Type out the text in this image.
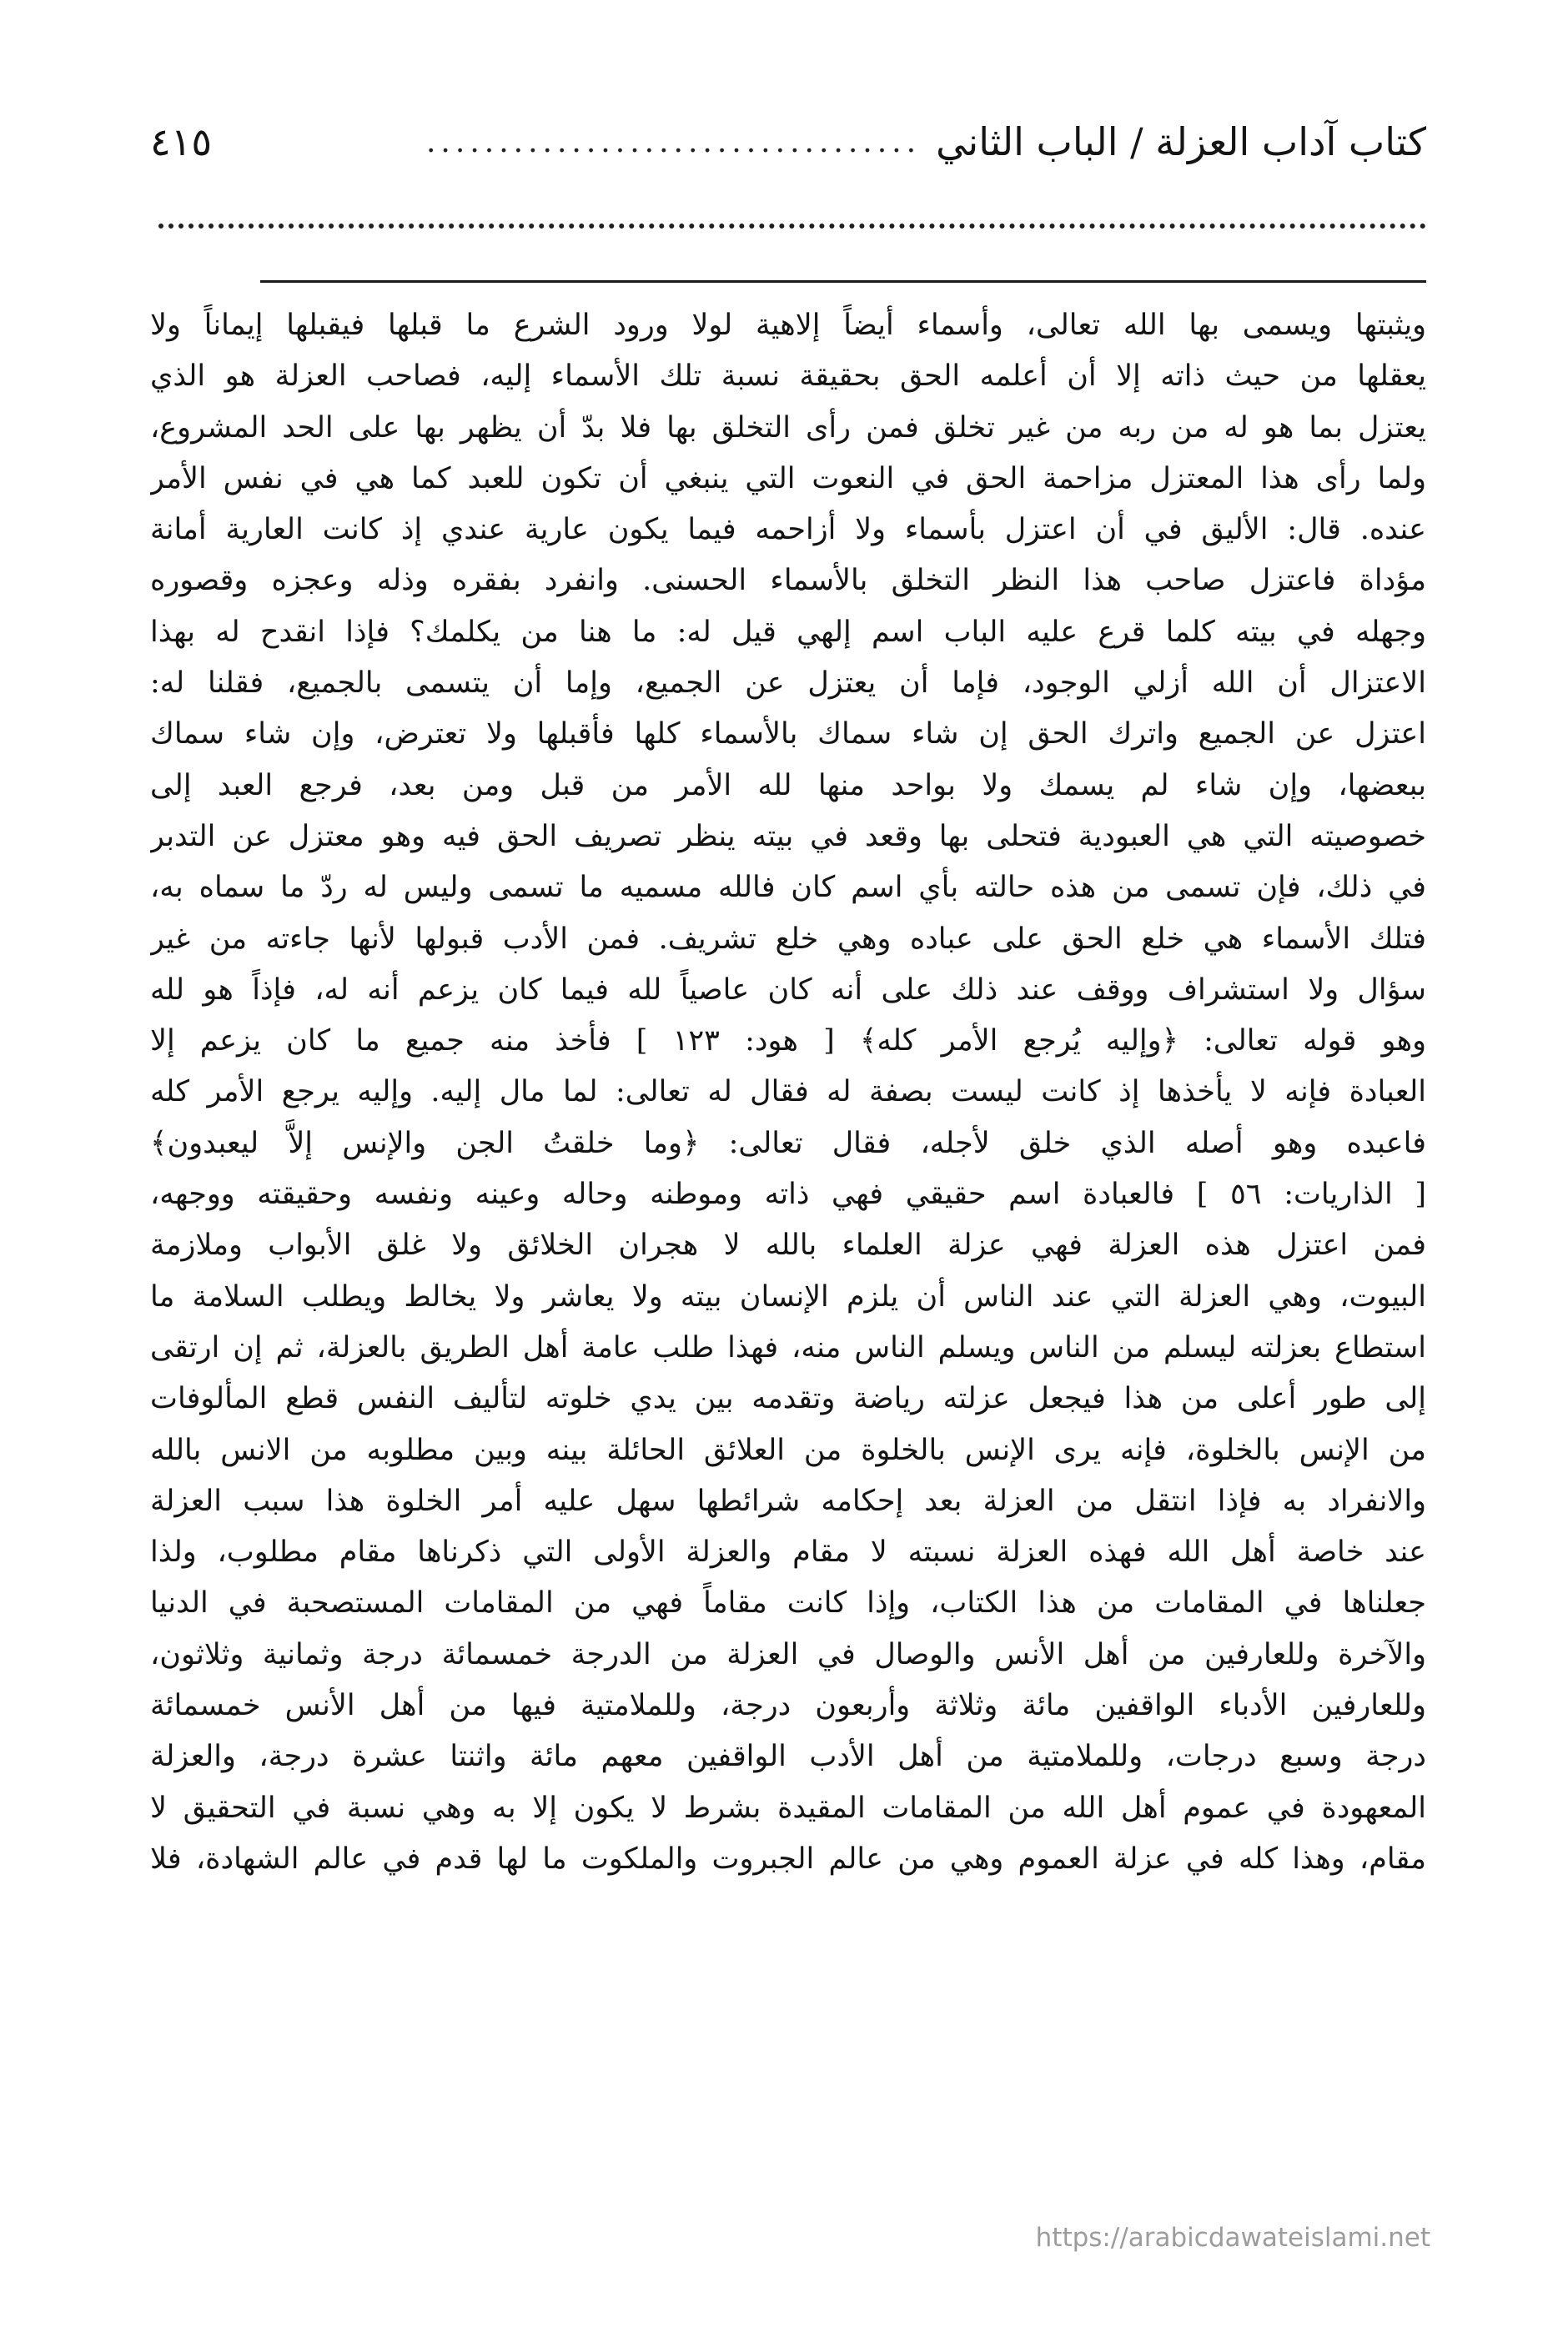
كتاب آداب العزلة / الباب الثاني
..................................
٤١٥
ويثبتها ويسمى بها الله تعالى، وأسماء أيضاً إلاهية لولا ورود الشرع ما قبلها فيقبلها إيماناً ولا
يعقلها من حيث ذاته إلا أن أعلمه الحق بحقيقة نسبة تلك الأسماء إليه، فصاحب العزلة هو الذي
يعتزل بما هو له من ربه من غير تخلق فمن رأى التخلق بها فلا بدّ أن يظهر بها على الحد المشروع،
ولما رأى هذا المعتزل مزاحمة الحق في النعوت التي ينبغي أن تكون للعبد كما هي في نفس الأمر
عنده. قال: الأليق في أن اعتزل بأسماء ولا أزاحمه فيما يكون عارية عندي إذ كانت العارية أمانة
مؤداة فاعتزل صاحب هذا النظر التخلق بالأسماء الحسنى. وانفرد بفقره وذله وعجزه وقصوره
وجهله في بيته كلما قرع عليه الباب اسم إلهي قيل له: ما هنا من يكلمك؟ فإذا انقدح له بهذا
الاعتزال أن الله أزلي الوجود، فإما أن يعتزل عن الجميع، وإما أن يتسمى بالجميع، فقلنا له:
اعتزل عن الجميع واترك الحق إن شاء سماك بالأسماء كلها فأقبلها ولا تعترض، وإن شاء سماك
ببعضها، وإن شاء لم يسمك ولا بواحد منها لله الأمر من قبل ومن بعد، فرجع العبد إلى
خصوصيته التي هي العبودية فتحلى بها وقعد في بيته ينظر تصريف الحق فيه وهو معتزل عن التدبر
في ذلك، فإن تسمى من هذه حالته بأي اسم كان فالله مسميه ما تسمى وليس له ردّ ما سماه به،
فتلك الأسماء هي خلع الحق على عباده وهي خلع تشريف. فمن الأدب قبولها لأنها جاءته من غير
سؤال ولا استشراف ووقف عند ذلك على أنه كان عاصياً لله فيما كان يزعم أنه له، فإذاً هو لله
وهو قوله تعالى: ﴿وإليه يُرجع الأمر كله﴾ [ هود: ١٢٣ ] فأخذ منه جميع ما كان يزعم إلا
العبادة فإنه لا يأخذها إذ كانت ليست بصفة له فقال له تعالى: لما مال إليه. وإليه يرجع الأمر كله
فاعبده وهو أصله الذي خلق لأجله، فقال تعالى: ﴿وما خلقتُ الجن والإنس إلاَّ ليعبدون﴾
[ الذاريات: ٥٦ ] فالعبادة اسم حقيقي فهي ذاته وموطنه وحاله وعينه ونفسه وحقيقته ووجهه،
فمن اعتزل هذه العزلة فهي عزلة العلماء بالله لا هجران الخلائق ولا غلق الأبواب وملازمة
البيوت، وهي العزلة التي عند الناس أن يلزم الإنسان بيته ولا يعاشر ولا يخالط ويطلب السلامة ما
استطاع بعزلته ليسلم من الناس ويسلم الناس منه، فهذا طلب عامة أهل الطريق بالعزلة، ثم إن ارتقى
إلى طور أعلى من هذا فيجعل عزلته رياضة وتقدمه بين يدي خلوته لتأليف النفس قطع المألوفات
من الإنس بالخلوة، فإنه يرى الإنس بالخلوة من العلائق الحائلة بينه وبين مطلوبه من الانس بالله
والانفراد به فإذا انتقل من العزلة بعد إحكامه شرائطها سهل عليه أمر الخلوة هذا سبب العزلة
عند خاصة أهل الله فهذه العزلة نسبته لا مقام والعزلة الأولى التي ذكرناها مقام مطلوب، ولذا
جعلناها في المقامات من هذا الكتاب، وإذا كانت مقاماً فهي من المقامات المستصحبة في الدنيا
والآخرة وللعارفين من أهل الأنس والوصال في العزلة من الدرجة خمسمائة درجة وثمانية وثلاثون،
وللعارفين الأدباء الواقفين مائة وثلاثة وأربعون درجة، وللملامتية فيها من أهل الأنس خمسمائة
درجة وسبع درجات، وللملامتية من أهل الأدب الواقفين معهم مائة واثنتا عشرة درجة، والعزلة
المعهودة في عموم أهل الله من المقامات المقيدة بشرط لا يكون إلا به وهي نسبة في التحقيق لا
مقام، وهذا كله في عزلة العموم وهي من عالم الجبروت والملكوت ما لها قدم في عالم الشهادة، فلا
https://arabicdawateislami.net
